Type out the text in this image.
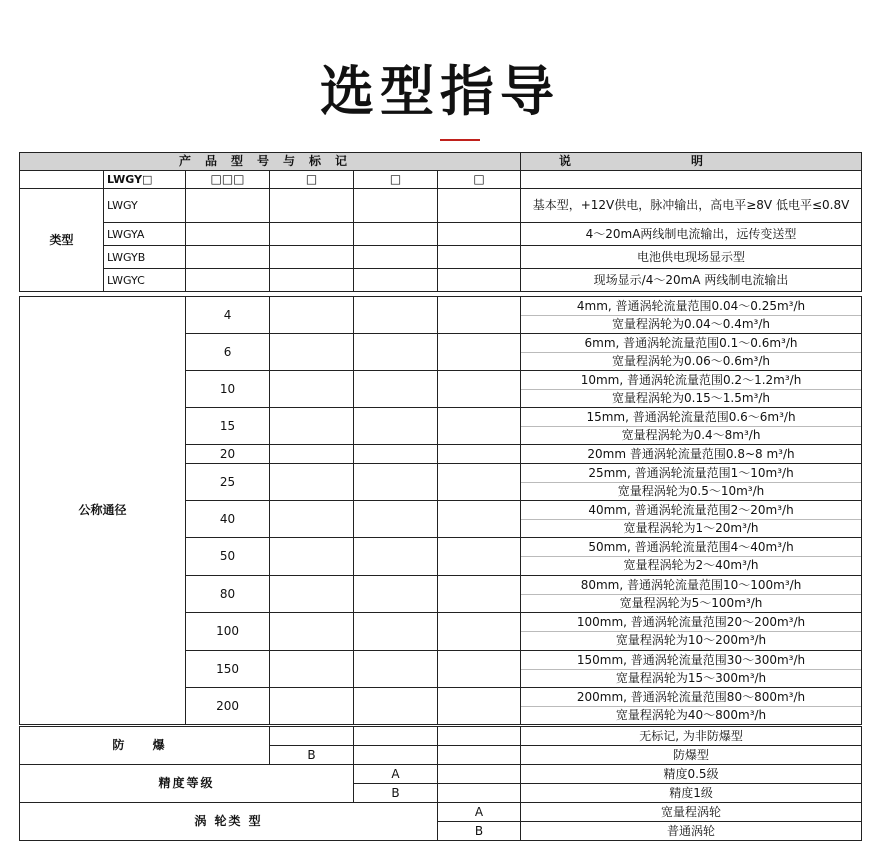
选型指导
产品型号与标记						说明
	LWGY□	□□□	□	□	□	
类型	LWGY					基本型，+12V供电，脉冲输出，高电平≥8V 低电平≤0.8V
	LWGYA					4～20mA两线制电流输出，远传变送型
	LWGYB					电池供电现场显示型
	LWGYC					现场显示/4～20mA 两线制电流输出
公称通径	4				4mm, 普通涡轮流量范围0.04～0.25m³/h
宽量程涡轮为0.04～0.4m³/h

	6				6mm, 普通涡轮流量范围0.1～0.6m³/h
宽量程涡轮为0.06～0.6m³/h

	10				10mm, 普通涡轮流量范围0.2～1.2m³/h
宽量程涡轮为0.15～1.5m³/h

	15				15mm, 普通涡轮流量范围0.6～6m³/h
宽量程涡轮为0.4～8m³/h

	20				20mm 普通涡轮流量范围0.8~8 m³/h
	25				25mm, 普通涡轮流量范围1～10m³/h
宽量程涡轮为0.5～10m³/h

	40				40mm, 普通涡轮流量范围2～20m³/h
宽量程涡轮为1～20m³/h

	50				50mm, 普通涡轮流量范围4～40m³/h
宽量程涡轮为2～40m³/h

	80				80mm, 普通涡轮流量范围10～100m³/h
宽量程涡轮为5～100m³/h

	100				100mm, 普通涡轮流量范围20～200m³/h
宽量程涡轮为10～200m³/h

	150				150mm, 普通涡轮流量范围30～300m³/h
宽量程涡轮为15～300m³/h

	200				200mm, 普通涡轮流量范围80～800m³/h
宽量程涡轮为40～800m³/h
防 爆				无标记, 为非防爆型
	B			防爆型
精度等级		A		精度0.5级
		B		精度1级
涡 轮类 型			A	宽量程涡轮
			B	普通涡轮
